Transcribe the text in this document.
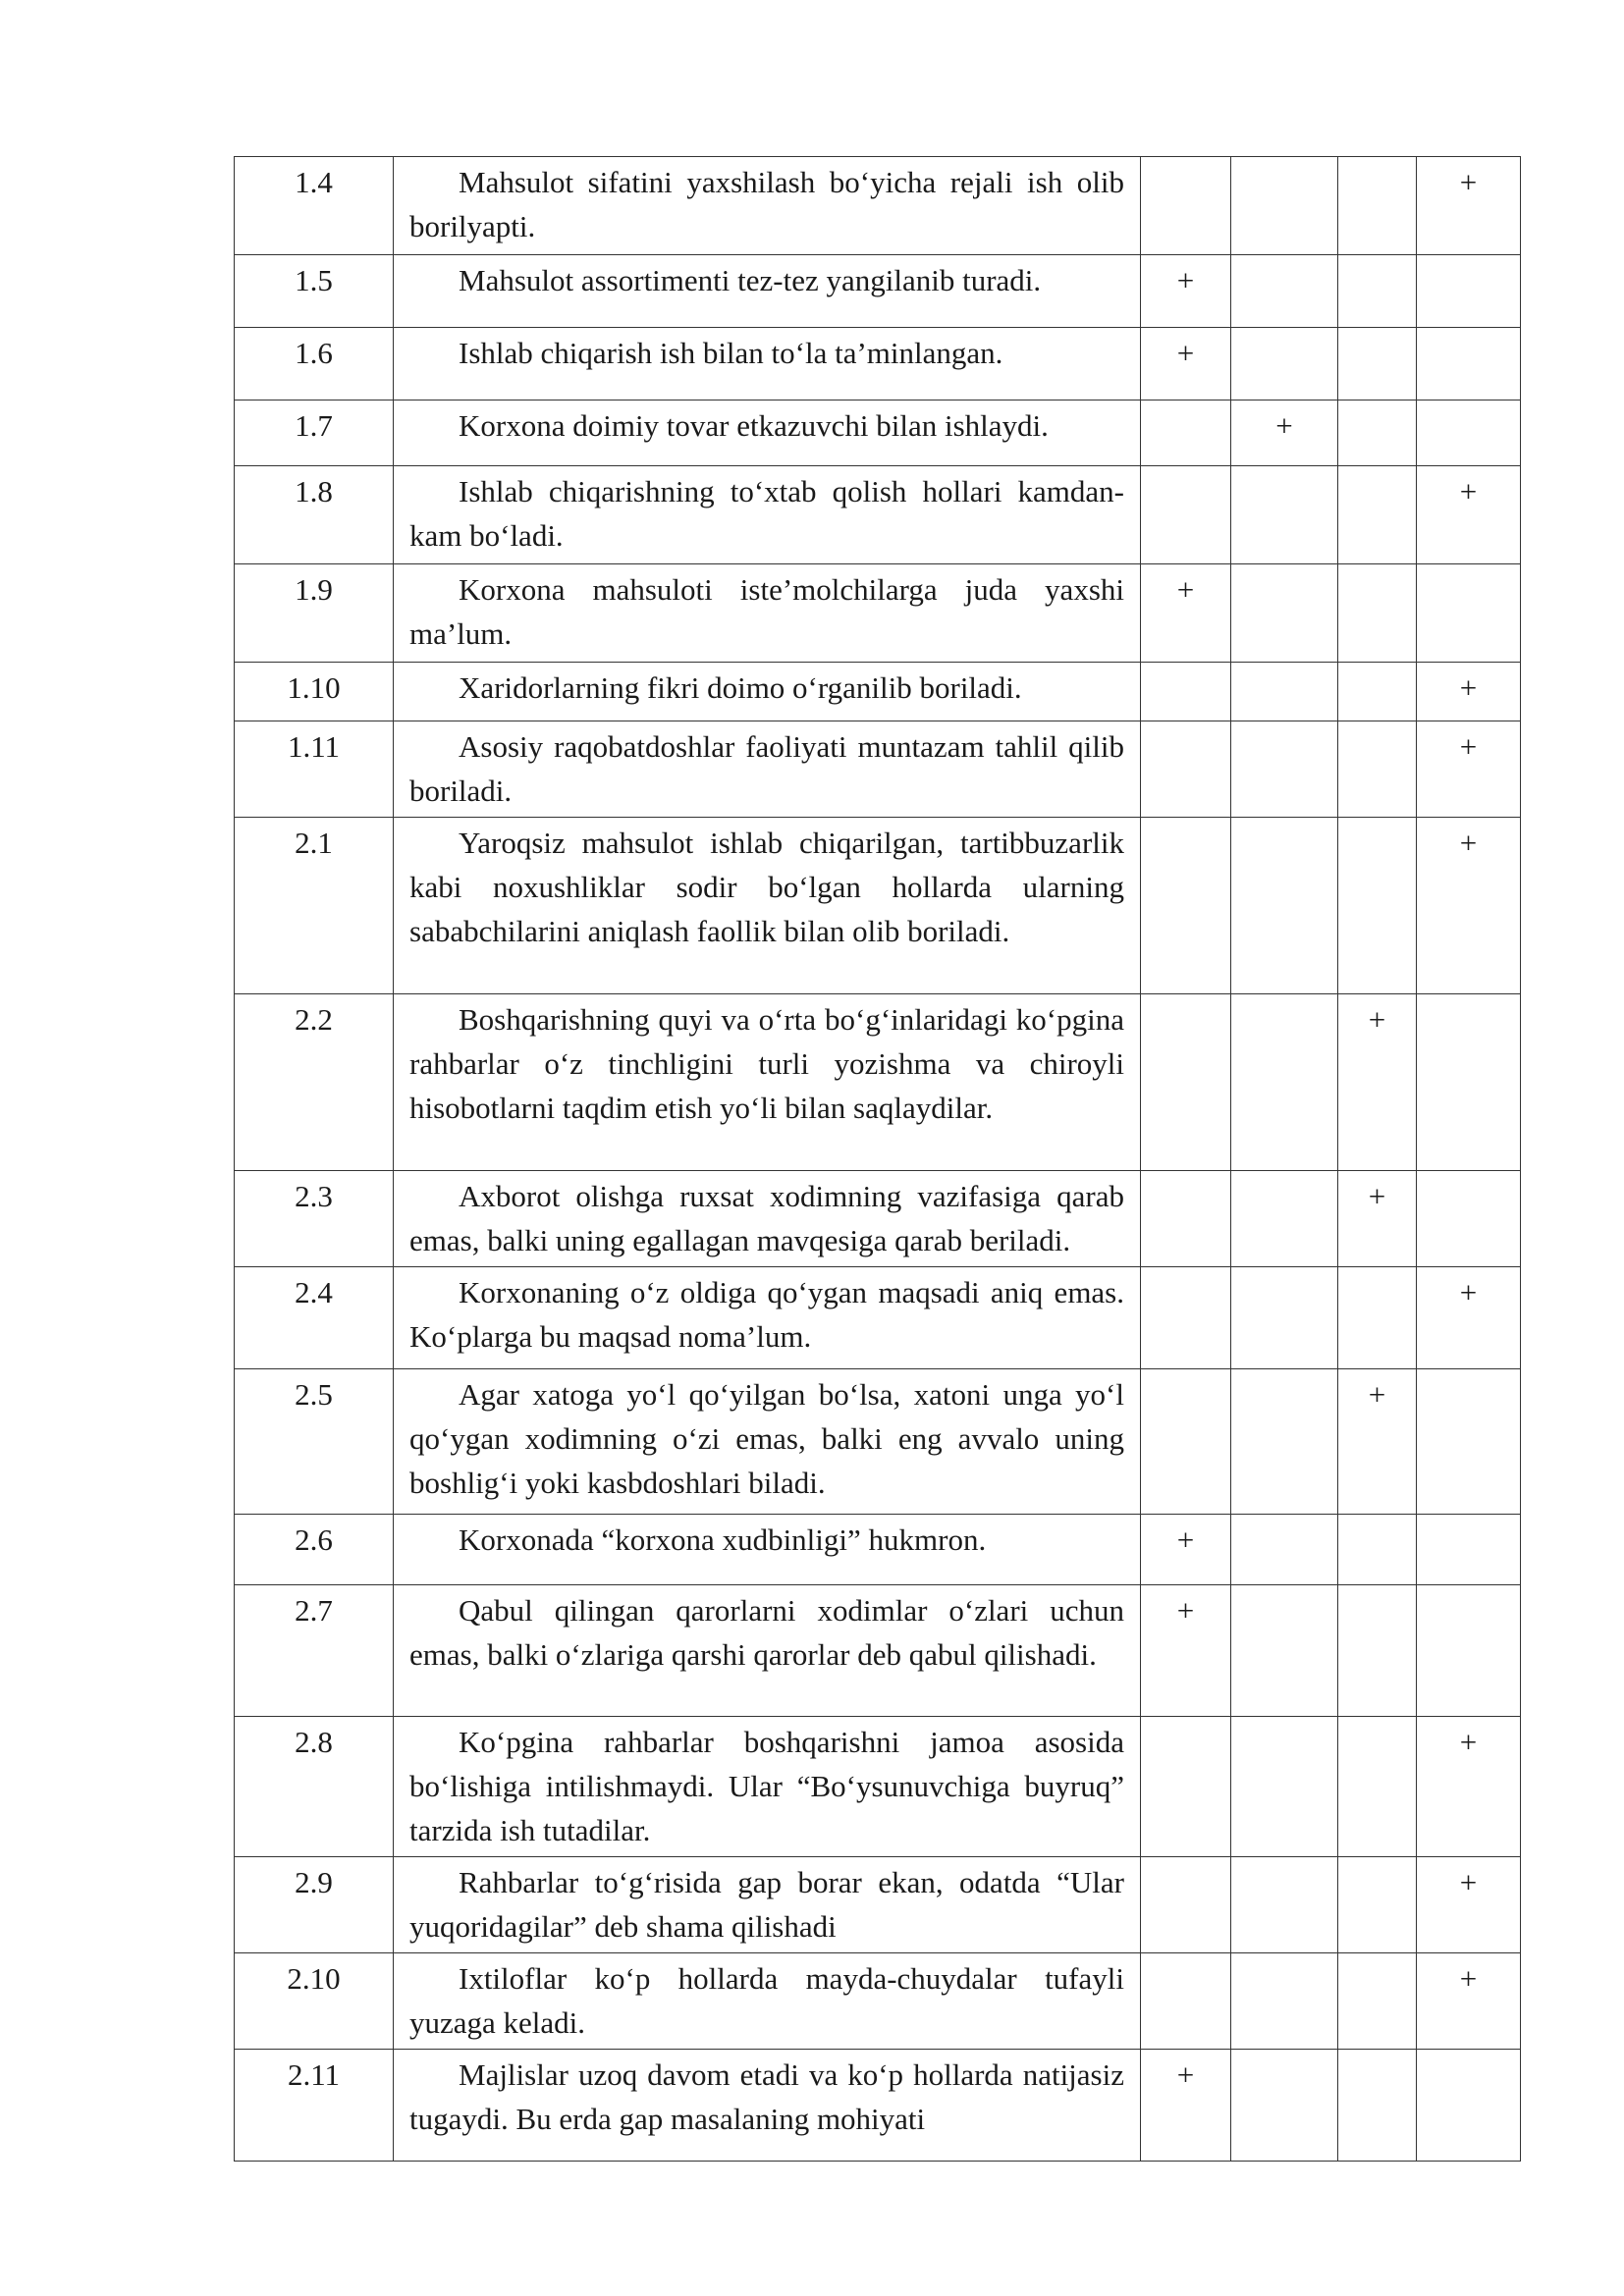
1.4	Mahsulot sifatini yaxshilash bo‘yicha rejali ish olib borilyapti.				+
1.5	Mahsulot assortimenti tez-tez yangilanib turadi.	+			
1.6	Ishlab chiqarish ish bilan to‘la ta’minlangan.	+			
1.7	Korxona doimiy tovar etkazuvchi bilan ishlaydi.		+		
1.8	Ishlab chiqarishning to‘xtab qolish hollari kamdan-kam bo‘ladi.				+
1.9	Korxona mahsuloti iste’molchilarga juda yaxshi ma’lum.	+			
1.10	Xaridorlarning fikri doimo o‘rganilib boriladi.				+
1.11	Asosiy raqobatdoshlar faoliyati muntazam tahlil qilib boriladi.				+
2.1	Yaroqsiz mahsulot ishlab chiqarilgan, tartibbuzarlik kabi noxushliklar sodir bo‘lgan hollarda ularning sababchilarini aniqlash faollik bilan olib boriladi.				+
2.2	Boshqarishning quyi va o‘rta bo‘g‘inlaridagi ko‘pgina rahbarlar o‘z tinchligini turli yozishma va chiroyli hisobotlarni taqdim etish yo‘li bilan saqlaydilar.			+	
2.3	Axborot olishga ruxsat xodimning vazifasiga qarab emas, balki uning egallagan mavqesiga qarab beriladi.			+	
2.4	Korxonaning o‘z oldiga qo‘ygan maqsadi aniq emas. Ko‘plarga bu maqsad noma’lum.				+
2.5	Agar xatoga yo‘l qo‘yilgan bo‘lsa, xatoni unga yo‘l qo‘ygan xodimning o‘zi emas, balki eng avvalo uning boshlig‘i yoki kasbdoshlari biladi.			+	
2.6	Korxonada “korxona xudbinligi” hukmron.	+			
2.7	Qabul qilingan qarorlarni xodimlar o‘zlari uchun emas, balki o‘zlariga qarshi qarorlar deb qabul qilishadi.	+			
2.8	Ko‘pgina rahbarlar boshqarishni jamoa asosida bo‘lishiga intilishmaydi. Ular “Bo‘ysunuvchiga buyruq” tarzida ish tutadilar.				+
2.9	Rahbarlar to‘g‘risida gap borar ekan, odatda “Ular yuqoridagilar” deb shama qilishadi				+
2.10	Ixtiloflar ko‘p hollarda mayda-chuydalar tufayli yuzaga keladi.				+
2.11	Majlislar uzoq davom etadi va ko‘p hollarda natijasiz tugaydi. Bu erda gap masalaning mohiyati	+			
